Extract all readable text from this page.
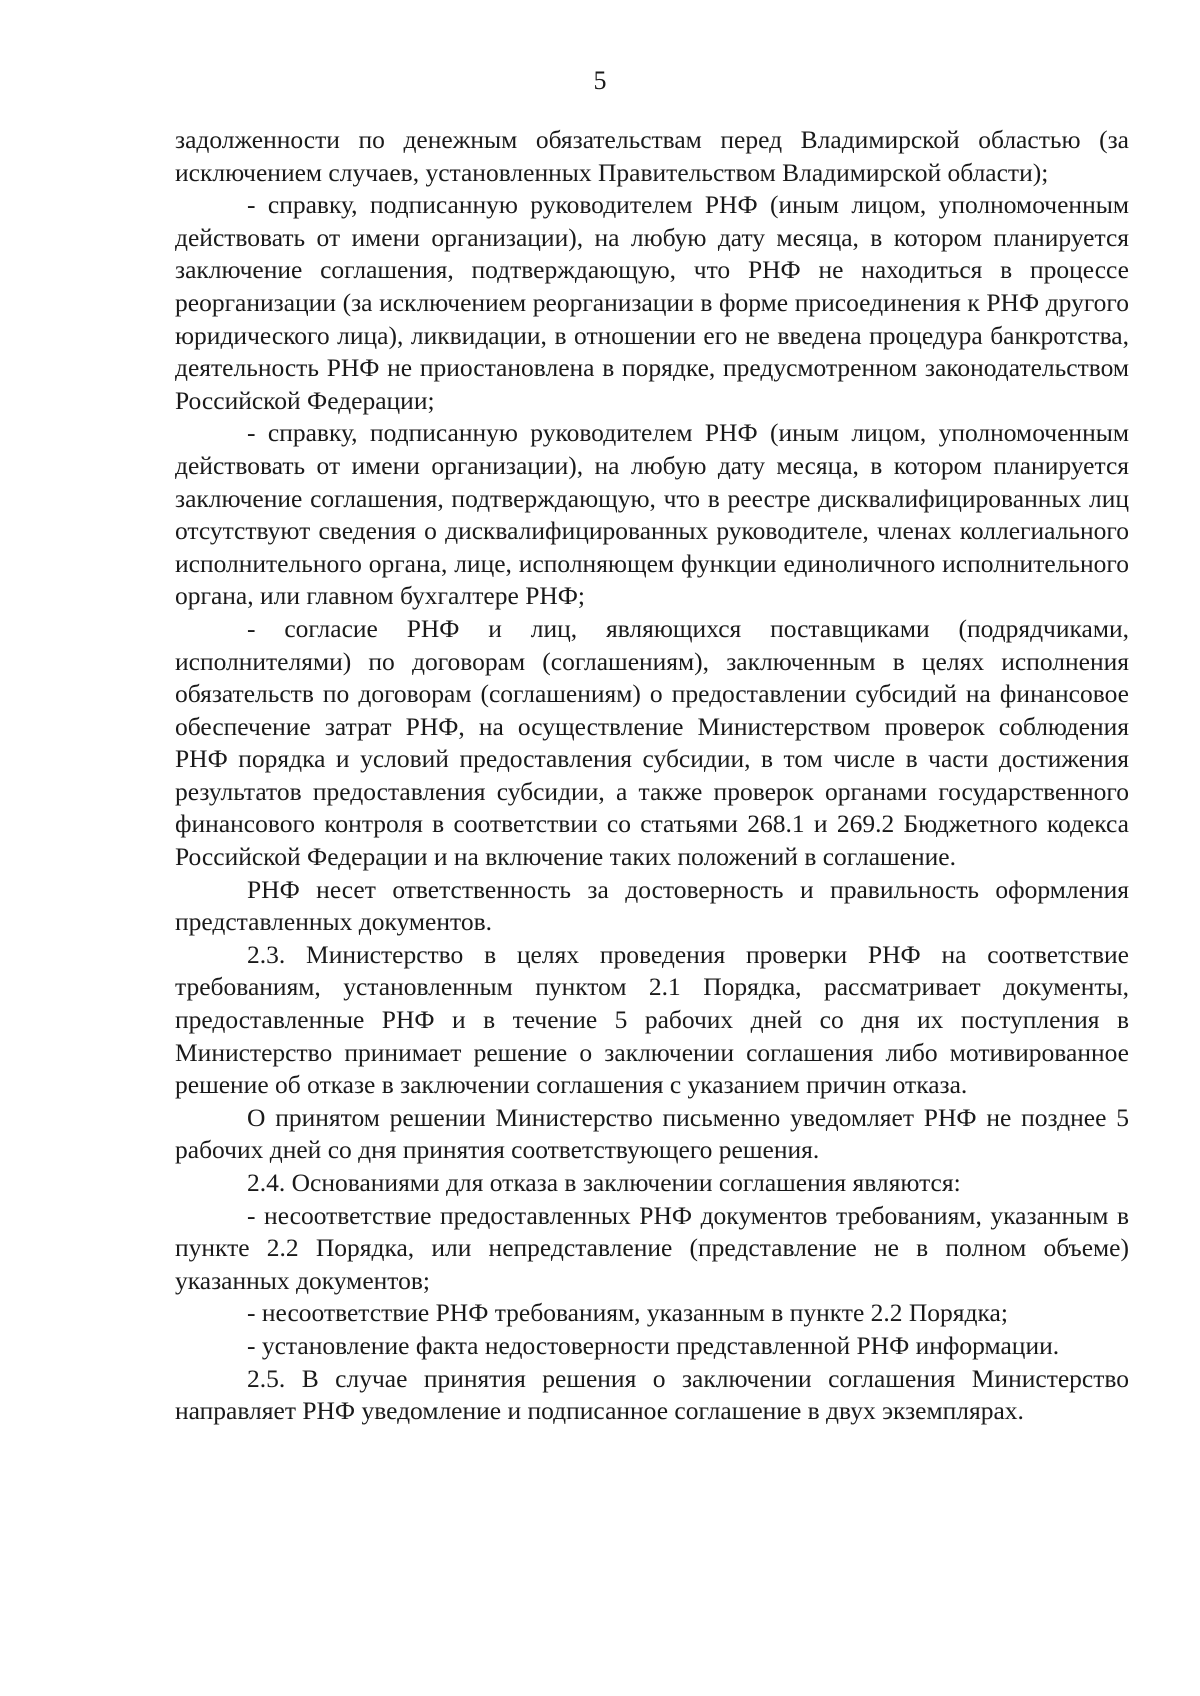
5

задолженности по денежным обязательствам перед Владимирской областью (за исключением случаев, установленных Правительством Владимирской области);

- справку, подписанную руководителем РНФ (иным лицом, уполномоченным действовать от имени организации), на любую дату месяца, в котором планируется заключение соглашения, подтверждающую, что РНФ не находиться в процессе реорганизации (за исключением реорганизации в форме присоединения к РНФ другого юридического лица), ликвидации, в отношении его не введена процедура банкротства, деятельность РНФ не приостановлена в порядке, предусмотренном законодательством Российской Федерации;

- справку, подписанную руководителем РНФ (иным лицом, уполномоченным действовать от имени организации), на любую дату месяца, в котором планируется заключение соглашения, подтверждающую, что в реестре дисквалифицированных лиц отсутствуют сведения о дисквалифицированных руководителе, членах коллегиального исполнительного органа, лице, исполняющем функции единоличного исполнительного органа, или главном бухгалтере РНФ;

- согласие РНФ и лиц, являющихся поставщиками (подрядчиками, исполнителями) по договорам (соглашениям), заключенным в целях исполнения обязательств по договорам (соглашениям) о предоставлении субсидий на финансовое обеспечение затрат РНФ, на осуществление Министерством проверок соблюдения РНФ порядка и условий предоставления субсидии, в том числе в части достижения результатов предоставления субсидии, а также проверок органами государственного финансового контроля в соответствии со статьями 268.1 и 269.2 Бюджетного кодекса Российской Федерации и на включение таких положений в соглашение.

РНФ несет ответственность за достоверность и правильность оформления представленных документов.

2.3. Министерство в целях проведения проверки РНФ на соответствие требованиям, установленным пунктом 2.1 Порядка, рассматривает документы, предоставленные РНФ и в течение 5 рабочих дней со дня их поступления в Министерство принимает решение о заключении соглашения либо мотивированное решение об отказе в заключении соглашения с указанием причин отказа.

О принятом решении Министерство письменно уведомляет РНФ не позднее 5 рабочих дней со дня принятия соответствующего решения.

2.4. Основаниями для отказа в заключении соглашения являются:

- несоответствие предоставленных РНФ документов требованиям, указанным в пункте 2.2 Порядка, или непредставление (представление не в полном объеме) указанных документов;

- несоответствие РНФ требованиям, указанным в пункте 2.2 Порядка;

- установление факта недостоверности представленной РНФ информации.

2.5. В случае принятия решения о заключении соглашения Министерство направляет РНФ уведомление и подписанное соглашение в двух экземплярах.
